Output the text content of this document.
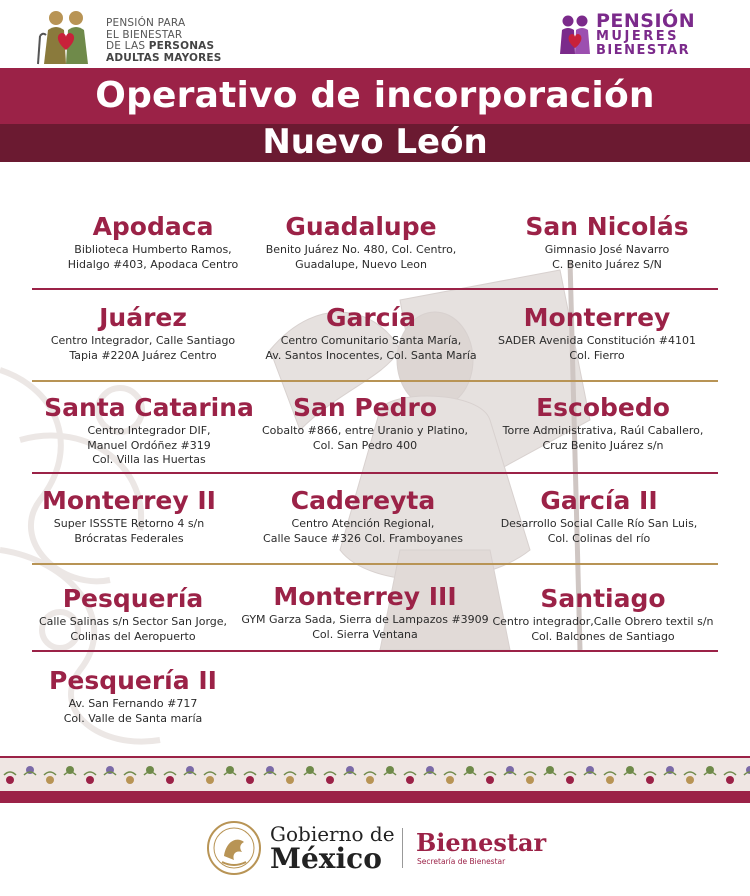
PENSIÓN PARA
EL BIENESTAR
DE LAS PERSONAS
ADULTAS MAYORES
PENSIÓN
MUJERES
BIENESTAR
Operativo de incorporación
Nuevo León
Apodaca
Biblioteca Humberto Ramos,
Hidalgo #403, Apodaca Centro
Guadalupe
Benito Juárez No. 480, Col. Centro,
Guadalupe, Nuevo Leon
San Nicolás
Gimnasio José Navarro
C. Benito Juárez S/N
Juárez
Centro Integrador, Calle Santiago
Tapia #220A Juárez Centro
García
Centro Comunitario Santa María,
Av. Santos Inocentes, Col. Santa María
Monterrey
SADER Avenida Constitución #4101
Col. Fierro
Santa Catarina
Centro Integrador DIF,
Manuel Ordóñez #319
Col. Villa las Huertas
San Pedro
Cobalto #866, entre Uranio y Platino,
Col. San Pedro 400
Escobedo
Torre Administrativa, Raúl Caballero,
Cruz Benito Juárez s/n
Monterrey II
Super ISSSTE Retorno 4 s/n
Brócratas Federales
Cadereyta
Centro Atención Regional,
Calle Sauce #326 Col. Framboyanes
García II
Desarrollo Social Calle Río San Luis,
Col. Colinas del río
Pesquería
Calle Salinas s/n Sector San Jorge,
Colinas del Aeropuerto
Monterrey III
GYM Garza Sada, Sierra de Lampazos #3909
Col. Sierra Ventana
Santiago
Centro integrador,Calle Obrero textil s/n
Col. Balcones de Santiago
Pesquería II
Av. San Fernando #717
Col. Valle de Santa maría
Gobierno de
México Bienestar
Secretaría de Bienestar
